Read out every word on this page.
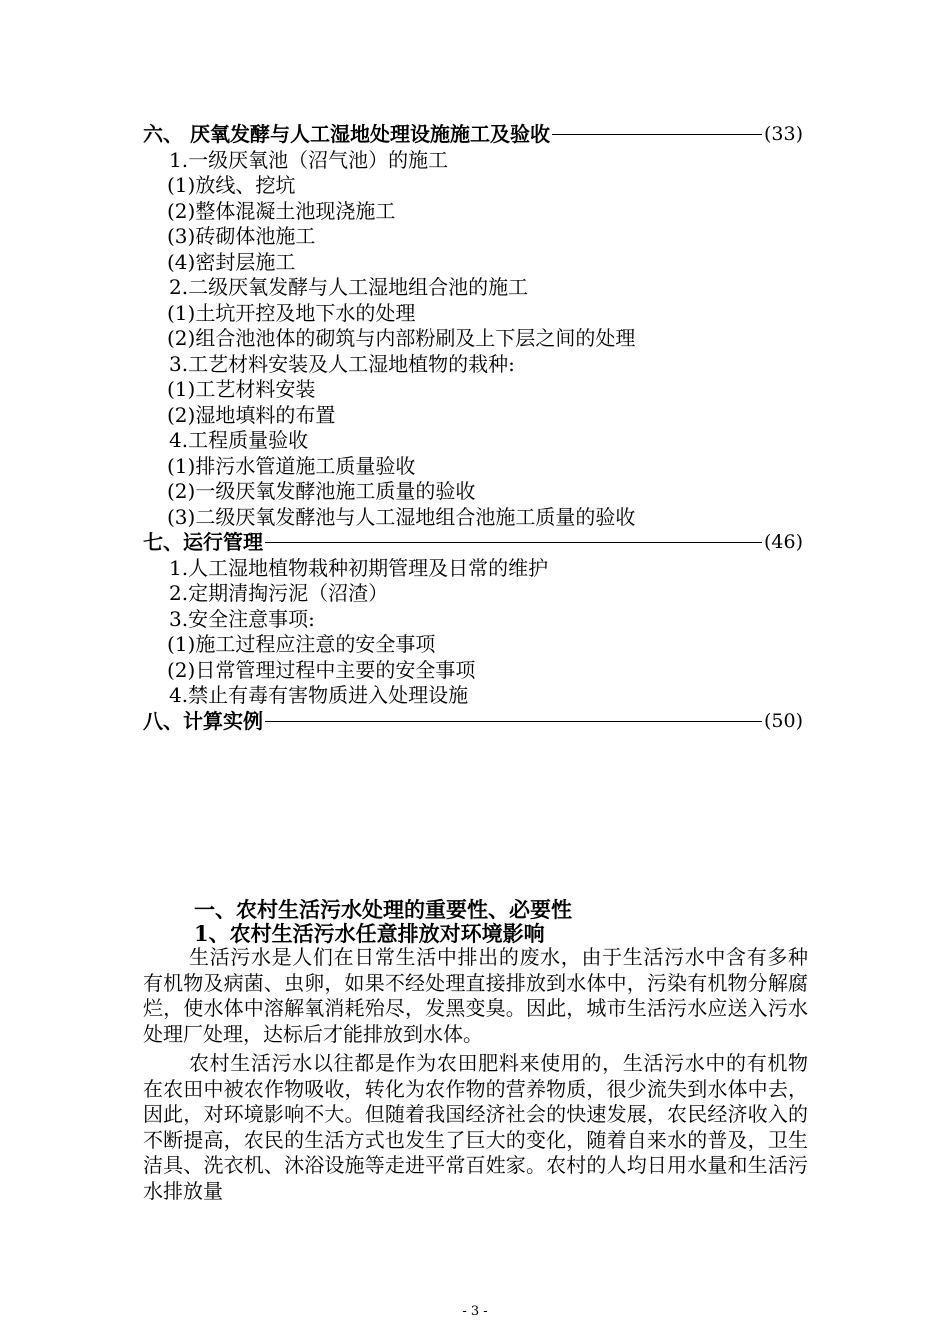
六、 厌氧发酵与人工湿地处理设施施工及验收	(33)
1.一级厌氧池（沼气池）的施工
(1)放线、挖坑
(2)整体混凝土池现浇施工
(3)砖砌体池施工
(4)密封层施工
2.二级厌氧发酵与人工湿地组合池的施工
(1)土坑开控及地下水的处理
(2)组合池池体的砌筑与内部粉刷及上下层之间的处理
3.工艺材料安装及人工湿地植物的栽种:
(1)工艺材料安装
(2)湿地填料的布置
4.工程质量验收
(1)排污水管道施工质量验收
(2)一级厌氧发酵池施工质量的验收
(3)二级厌氧发酵池与人工湿地组合池施工质量的验收
七、运行管理	(46)
1.人工湿地植物栽种初期管理及日常的维护
2.定期清掏污泥（沼渣）
3.安全注意事项:
(1)施工过程应注意的安全事项
(2)日常管理过程中主要的安全事项
4.禁止有毒有害物质进入处理设施
八、计算实例	(50)
一、农村生活污水处理的重要性、必要性
1、农村生活污水任意排放对环境影响

生活污水是人们在日常生活中排出的废水，由于生活污水中含有多种有机物及病菌、虫卵，如果不经处理直接排放到水体中，污染有机物分解腐烂，使水体中溶解氧消耗殆尽，发黑变臭。因此，城市生活污水应送入污水处理厂处理，达标后才能排放到水体。

农村生活污水以往都是作为农田肥料来使用的，生活污水中的有机物在农田中被农作物吸收，转化为农作物的营养物质，很少流失到水体中去，因此，对环境影响不大。但随着我国经济社会的快速发展，农民经济收入的不断提高，农民的生活方式也发生了巨大的变化，随着自来水的普及，卫生洁具、洗衣机、沐浴设施等走进平常百姓家。农村的人均日用水量和生活污水排放量

- 3 -
